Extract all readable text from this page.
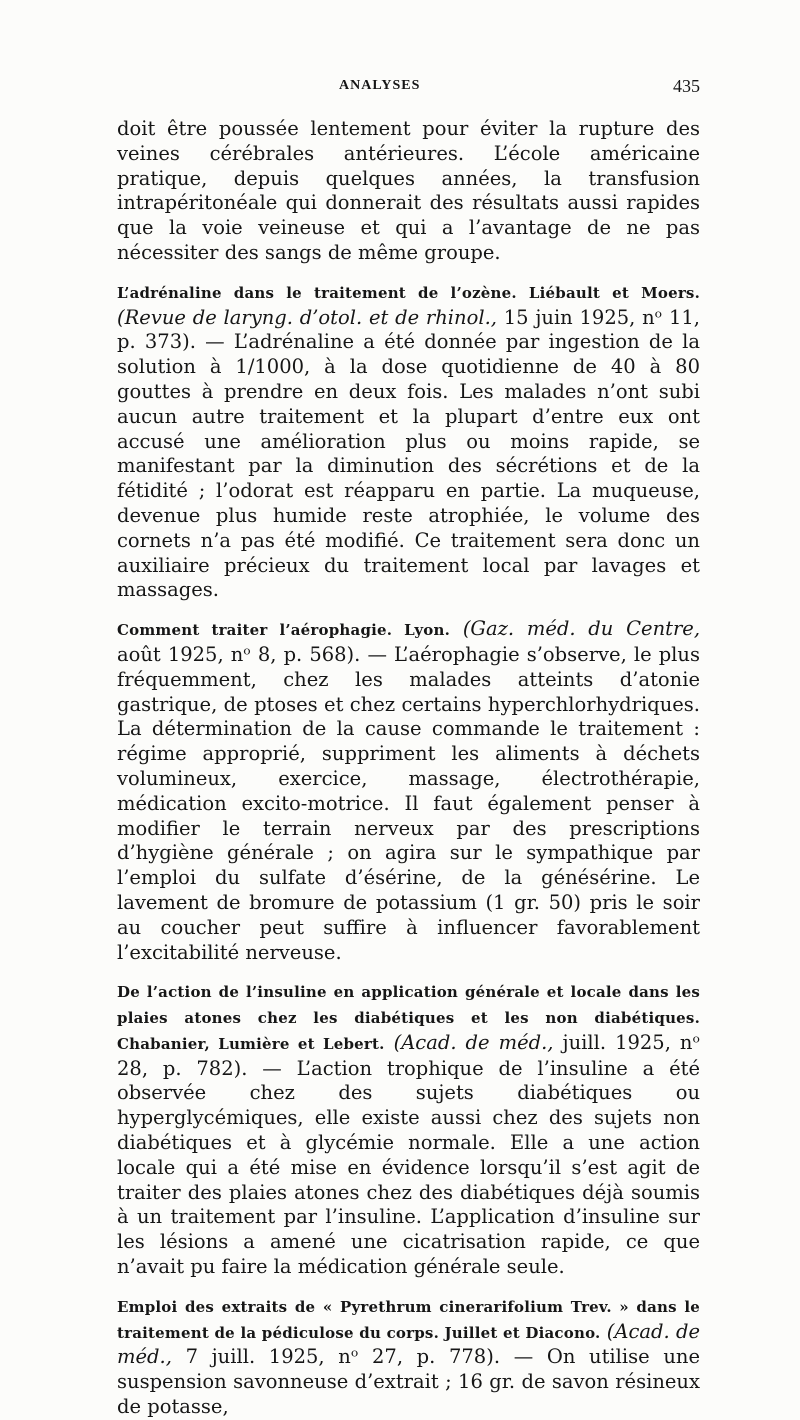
ANALYSES	435

doit être poussée lentement pour éviter la rupture des veines cérébrales antérieures. L’école américaine pratique, depuis quelques années, la transfusion intrapéritonéale qui donnerait des résultats aussi rapides que la voie veineuse et qui a l’avantage de ne pas nécessiter des sangs de même groupe.

L’adrénaline dans le traitement de l’ozène. Liébault et Moers. (Revue de laryng. d’otol. et de rhinol., 15 juin 1925, nᵒ 11, p. 373). — L’adrénaline a été donnée par ingestion de la solution à 1/1000, à la dose quotidienne de 40 à 80 gouttes à prendre en deux fois. Les malades n’ont subi aucun autre traitement et la plupart d’entre eux ont accusé une amélioration plus ou moins rapide, se manifestant par la diminution des sécrétions et de la fétidité ; l’odorat est réapparu en partie. La muqueuse, devenue plus humide reste atrophiée, le volume des cornets n’a pas été modifié. Ce traitement sera donc un auxiliaire précieux du traitement local par lavages et massages.

Comment traiter l’aérophagie. Lyon. (Gaz. méd. du Centre, août 1925, nᵒ 8, p. 568). — L’aérophagie s’observe, le plus fréquemment, chez les malades atteints d’atonie gastrique, de ptoses et chez certains hyperchlorhydriques. La détermination de la cause commande le traitement : régime approprié, suppriment les aliments à déchets volumineux, exercice, massage, électrothérapie, médication excito-motrice. Il faut également penser à modifier le terrain nerveux par des prescriptions d’hygiène générale ; on agira sur le sympathique par l’emploi du sulfate d’ésérine, de la génésérine. Le lavement de bromure de potassium (1 gr. 50) pris le soir au coucher peut suffire à influencer favorablement l’excitabilité nerveuse.

De l’action de l’insuline en application générale et locale dans les plaies atones chez les diabétiques et les non diabétiques. Chabanier, Lumière et Lebert. (Acad. de méd., juill. 1925, nᵒ 28, p. 782). — L’action trophique de l’insuline a été observée chez des sujets diabétiques ou hyperglycémiques, elle existe aussi chez des sujets non diabétiques et à glycémie normale. Elle a une action locale qui a été mise en évidence lorsqu’il s’est agit de traiter des plaies atones chez des diabétiques déjà soumis à un traitement par l’insuline. L’application d’insuline sur les lésions a amené une cicatrisation rapide, ce que n’avait pu faire la médication générale seule.

Emploi des extraits de « Pyrethrum cinerarifolium Trev. » dans le traitement de la pédiculose du corps. Juillet et Diacono. (Acad. de méd., 7 juill. 1925, nᵒ 27, p. 778). — On utilise une suspension savonneuse d’extrait ; 16 gr. de savon résineux de potasse,
